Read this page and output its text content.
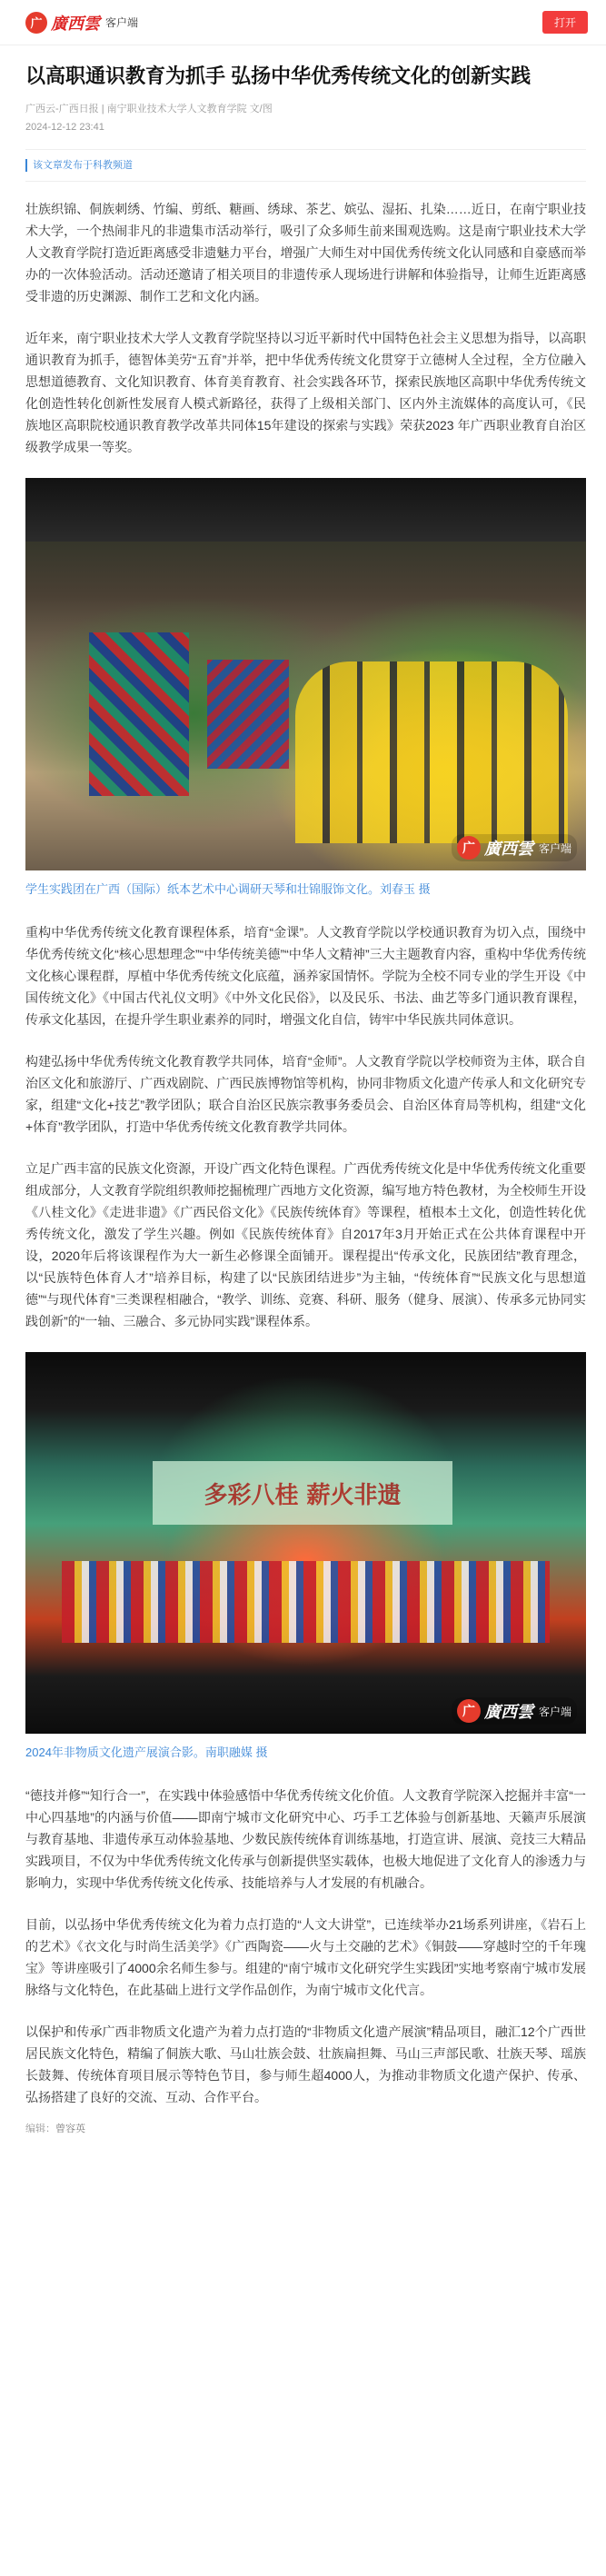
广 廣西雲 客户端	打开
以高职通识教育为抓手 弘扬中华优秀传统文化的创新实践
广西云-广西日报 | 南宁职业技术大学人文教育学院 文/图
2024-12-12 23:41
该文章发布于科教频道

壮族织锦、侗族刺绣、竹编、剪纸、糖画、绣球、茶艺、嫔弘、湿拓、扎染……近日，在南宁职业技术大学，一个热闹非凡的非遗集市活动举行，吸引了众多师生前来围观选购。这是南宁职业技术大学人文教育学院打造近距离感受非遗魅力平台，增强广大师生对中国优秀传统文化认同感和自豪感而举办的一次体验活动。活动还邀请了相关项目的非遗传承人现场进行讲解和体验指导，让师生近距离感受非遗的历史渊源、制作工艺和文化内涵。

近年来，南宁职业技术大学人文教育学院坚持以习近平新时代中国特色社会主义思想为指导，以高职通识教育为抓手，德智体美劳“五育”并举，把中华优秀传统文化贯穿于立德树人全过程，全方位融入思想道德教育、文化知识教育、体育美育教育、社会实践各环节，探索民族地区高职中华优秀传统文化创造性转化创新性发展育人模式新路径，获得了上级相关部门、区内外主流媒体的高度认可，《民族地区高职院校通识教育教学改革共同体15年建设的探索与实践》荣获2023 年广西职业教育自治区级教学成果一等奖。

广 廣西雲 客户端
学生实践团在广西（国际）纸本艺术中心调研天琴和壮锦服饰文化。刘春玉 摄

重构中华优秀传统文化教育课程体系，培育“金课”。人文教育学院以学校通识教育为切入点，围绕中华优秀传统文化“核心思想理念”“中华传统美德”“中华人文精神”三大主题教育内容，重构中华优秀传统文化核心课程群，厚植中华优秀传统文化底蕴，涵养家国情怀。学院为全校不同专业的学生开设《中国传统文化》《中国古代礼仪文明》《中外文化民俗》，以及民乐、书法、曲艺等多门通识教育课程，传承文化基因，在提升学生职业素养的同时，增强文化自信，铸牢中华民族共同体意识。

构建弘扬中华优秀传统文化教育教学共同体，培育“金师”。人文教育学院以学校师资为主体，联合自治区文化和旅游厅、广西戏剧院、广西民族博物馆等机构，协同非物质文化遗产传承人和文化研究专家，组建“文化+技艺”教学团队；联合自治区民族宗教事务委员会、自治区体育局等机构，组建“文化+体育”教学团队，打造中华优秀传统文化教育教学共同体。

立足广西丰富的民族文化资源，开设广西文化特色课程。广西优秀传统文化是中华优秀传统文化重要组成部分，人文教育学院组织教师挖掘梳理广西地方文化资源，编写地方特色教材，为全校师生开设《八桂文化》《走进非遗》《广西民俗文化》《民族传统体育》等课程，植根本土文化，创造性转化优秀传统文化，激发了学生兴趣。例如《民族传统体育》自2017年3月开始正式在公共体育课程中开设，2020年后将该课程作为大一新生必修课全面铺开。课程提出“传承文化，民族团结”教育理念，以“民族特色体育人才”培养目标，构建了以“民族团结进步”为主轴，“传统体育”“民族文化与思想道德”“与现代体育”三类课程相融合，“教学、训练、竞赛、科研、服务（健身、展演）、传承多元协同实践创新”的“一轴、三融合、多元协同实践”课程体系。

多彩八桂 薪火非遗
广 廣西雲 客户端
2024年非物质文化遗产展演合影。南职融媒 摄

“德技并修”“知行合一”，在实践中体验感悟中华优秀传统文化价值。人文教育学院深入挖掘并丰富“一中心四基地”的内涵与价值——即南宁城市文化研究中心、巧手工艺体验与创新基地、天籁声乐展演与教育基地、非遗传承互动体验基地、少数民族传统体育训练基地，打造宣讲、展演、竞技三大精品实践项目，不仅为中华优秀传统文化传承与创新提供坚实载体，也极大地促进了文化育人的渗透力与影响力，实现中华优秀传统文化传承、技能培养与人才发展的有机融合。

目前，以弘扬中华优秀传统文化为着力点打造的“人文大讲堂”，已连续举办21场系列讲座，《岩石上的艺术》《衣文化与时尚生活美学》《广西陶瓷——火与土交融的艺术》《铜鼓——穿越时空的千年瑰宝》等讲座吸引了4000余名师生参与。组建的“南宁城市文化研究学生实践团”实地考察南宁城市发展脉络与文化特色，在此基础上进行文学作品创作，为南宁城市文化代言。

以保护和传承广西非物质文化遗产为着力点打造的“非物质文化遗产展演”精品项目，融汇12个广西世居民族文化特色，精编了侗族大歌、马山壮族会鼓、壮族扁担舞、马山三声部民歌、壮族天琴、瑶族长鼓舞、传统体育项目展示等特色节目，参与师生超4000人，为推动非物质文化遗产保护、传承、弘扬搭建了良好的交流、互动、合作平台。

编辑：曾容英
